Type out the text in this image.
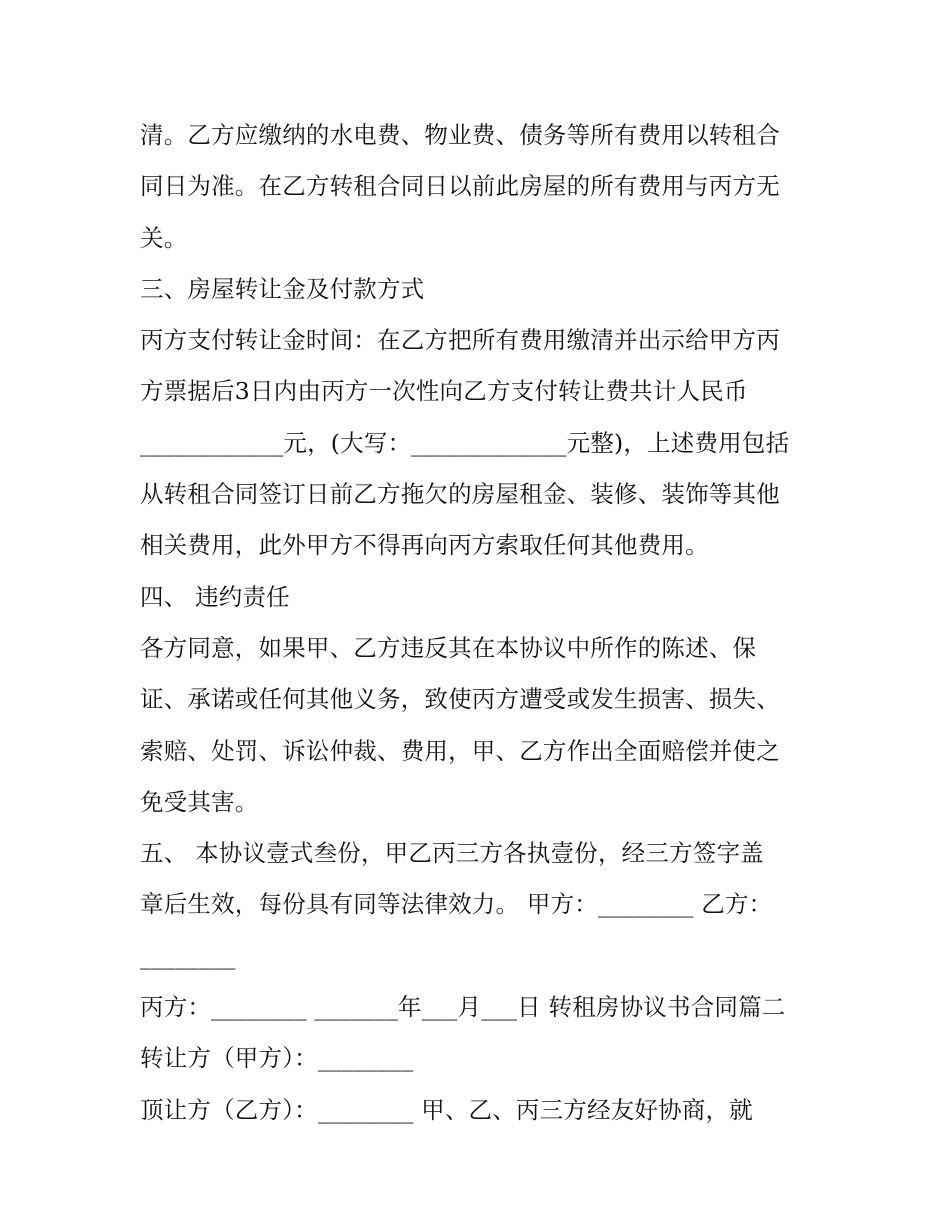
清。乙方应缴纳的水电费、物业费、债务等所有费用以转租合
同日为准。在乙方转租合同日以前此房屋的所有费用与丙方无
关。
三、房屋转让金及付款方式
丙方支付转让金时间：在乙方把所有费用缴清并出示给甲方丙
方票据后3日内由丙方一次性向乙方支付转让费共计人民币
____________元，(大写：_____________元整)，上述费用包括
从转租合同签订日前乙方拖欠的房屋租金、装修、装饰等其他
相关费用，此外甲方不得再向丙方索取任何其他费用。
四、 违约责任
各方同意，如果甲、乙方违反其在本协议中所作的陈述、保
证、承诺或任何其他义务，致使丙方遭受或发生损害、损失、
索赔、处罚、诉讼仲裁、费用，甲、乙方作出全面赔偿并使之
免受其害。
五、 本协议壹式叁份，甲乙丙三方各执壹份，经三方签字盖
章后生效，每份具有同等法律效力。 甲方：________ 乙方：
________
丙方：________ _______年___月___日 转租房协议书合同篇二
转让方（甲方）：________
顶让方（乙方）：________ 甲、乙、丙三方经友好协商，就
